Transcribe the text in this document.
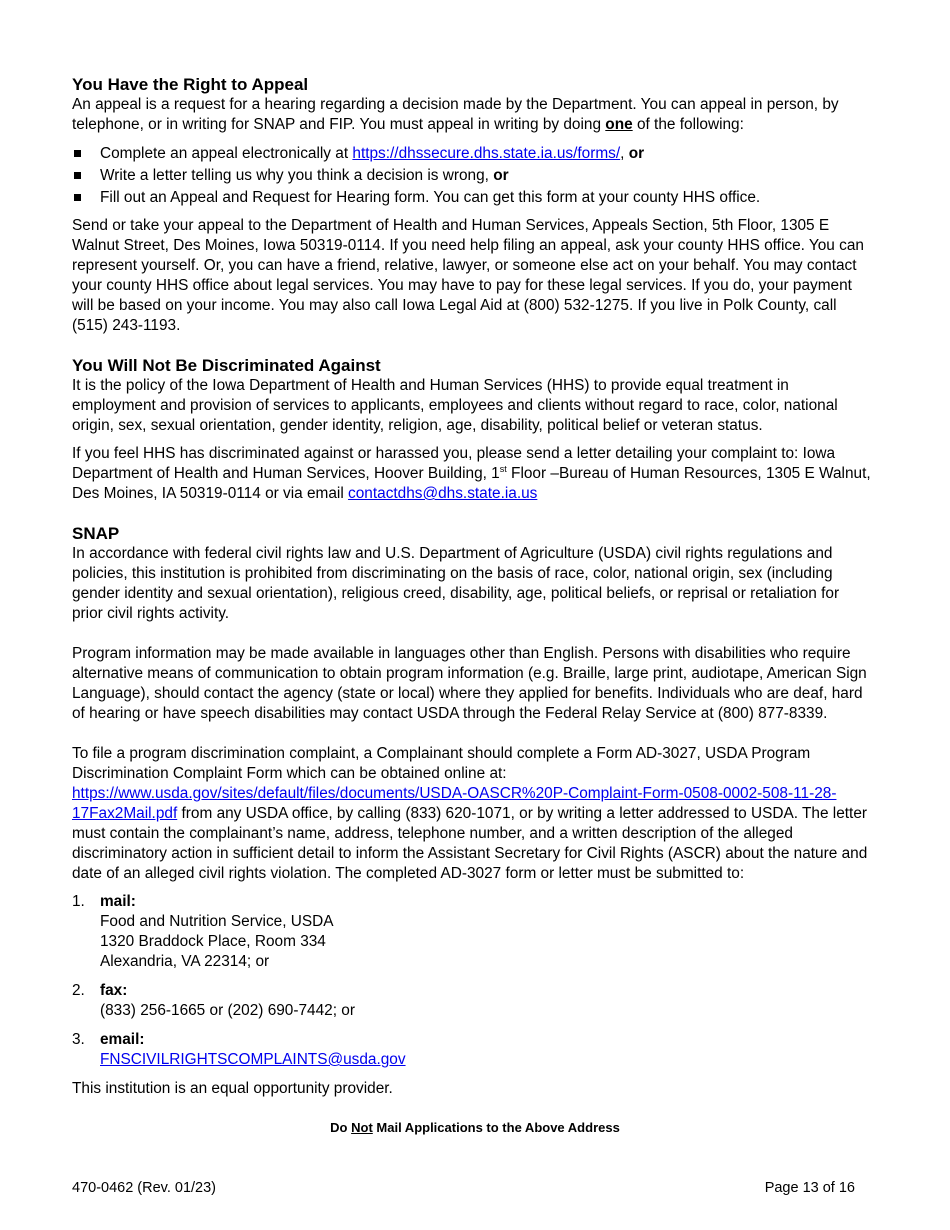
You Have the Right to Appeal

An appeal is a request for a hearing regarding a decision made by the Department. You can appeal in person, by telephone, or in writing for SNAP and FIP. You must appeal in writing by doing one of the following:

Complete an appeal electronically at https://dhssecure.dhs.state.ia.us/forms/, or
Write a letter telling us why you think a decision is wrong, or
Fill out an Appeal and Request for Hearing form. You can get this form at your county HHS office.

Send or take your appeal to the Department of Health and Human Services, Appeals Section, 5th Floor, 1305 E Walnut Street, Des Moines, Iowa 50319-0114. If you need help filing an appeal, ask your county HHS office. You can represent yourself. Or, you can have a friend, relative, lawyer, or someone else act on your behalf. You may contact your county HHS office about legal services. You may have to pay for these legal services. If you do, your payment will be based on your income. You may also call Iowa Legal Aid at (800) 532-1275. If you live in Polk County, call (515) 243-1193.

You Will Not Be Discriminated Against

It is the policy of the Iowa Department of Health and Human Services (HHS) to provide equal treatment in employment and provision of services to applicants, employees and clients without regard to race, color, national origin, sex, sexual orientation, gender identity, religion, age, disability, political belief or veteran status.

If you feel HHS has discriminated against or harassed you, please send a letter detailing your complaint to: Iowa Department of Health and Human Services, Hoover Building, 1st Floor –Bureau of Human Resources, 1305 E Walnut, Des Moines, IA 50319-0114 or via email contactdhs@dhs.state.ia.us

SNAP

In accordance with federal civil rights law and U.S. Department of Agriculture (USDA) civil rights regulations and policies, this institution is prohibited from discriminating on the basis of race, color, national origin, sex (including gender identity and sexual orientation), religious creed, disability, age, political beliefs, or reprisal or retaliation for prior civil rights activity.

Program information may be made available in languages other than English. Persons with disabilities who require alternative means of communication to obtain program information (e.g. Braille, large print, audiotape, American Sign Language), should contact the agency (state or local) where they applied for benefits. Individuals who are deaf, hard of hearing or have speech disabilities may contact USDA through the Federal Relay Service at (800) 877-8339.

To file a program discrimination complaint, a Complainant should complete a Form AD-3027, USDA Program Discrimination Complaint Form which can be obtained online at: https://www.usda.gov/sites/default/files/documents/USDA-OASCR%20P-Complaint-Form-0508-0002-508-11-28-17Fax2Mail.pdf from any USDA office, by calling (833) 620-1071, or by writing a letter addressed to USDA. The letter must contain the complainant’s name, address, telephone number, and a written description of the alleged discriminatory action in sufficient detail to inform the Assistant Secretary for Civil Rights (ASCR) about the nature and date of an alleged civil rights violation. The completed AD-3027 form or letter must be submitted to:

1. mail:
Food and Nutrition Service, USDA
1320 Braddock Place, Room 334
Alexandria, VA 22314; or
2. fax:
(833) 256-1665 or (202) 690-7442; or
3. email:
FNSCIVILRIGHTSCOMPLAINTS@usda.gov

This institution is an equal opportunity provider.

Do Not Mail Applications to the Above Address
470-0462 (Rev. 01/23)	Page 13 of 16
